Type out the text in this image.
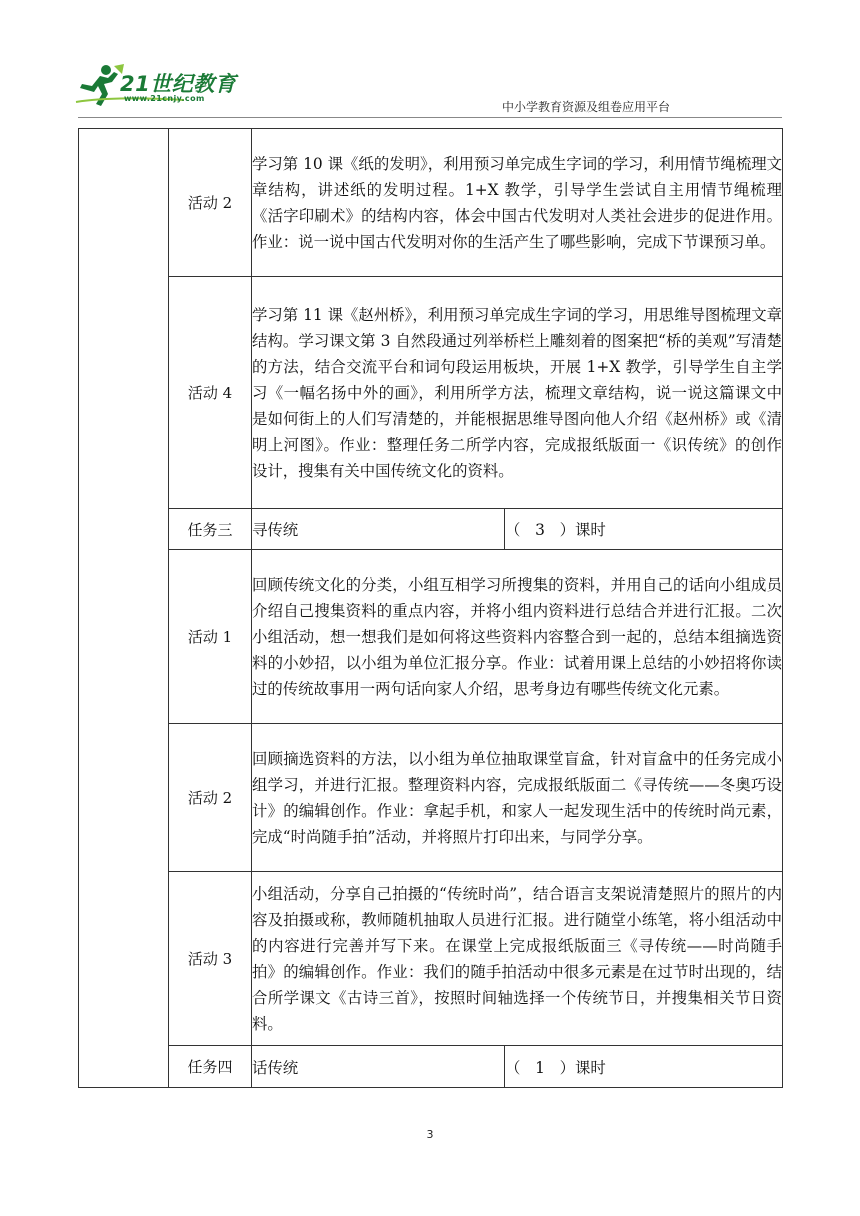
21世纪教育
www.21cnjy.com
中小学教育资源及组卷应用平台
	活动 2	学习第 10 课《纸的发明》，利用预习单完成生字词的学习，利用情节绳梳理文章结构，讲述纸的发明过程。1+X 教学，引导学生尝试自主用情节绳梳理《活字印刷术》的结构内容，体会中国古代发明对人类社会进步的促进作用。作业：说一说中国古代发明对你的生活产生了哪些影响，完成下节课预习单。	
	活动 4	学习第 11 课《赵州桥》，利用预习单完成生字词的学习，用思维导图梳理文章结构。学习课文第 3 自然段通过列举桥栏上雕刻着的图案把“桥的美观”写清楚的方法，结合交流平台和词句段运用板块，开展 1+X 教学，引导学生自主学习《一幅名扬中外的画》，利用所学方法，梳理文章结构，说一说这篇课文中是如何街上的人们写清楚的，并能根据思维导图向他人介绍《赵州桥》或《清明上河图》。作业：整理任务二所学内容，完成报纸版面一《识传统》的创作设计，搜集有关中国传统文化的资料。	
	任务三	寻传统	（ 3 ）课时
	活动 1	回顾传统文化的分类，小组互相学习所搜集的资料，并用自己的话向小组成员介绍自己搜集资料的重点内容，并将小组内资料进行总结合并进行汇报。二次小组活动，想一想我们是如何将这些资料内容整合到一起的，总结本组摘选资料的小妙招，以小组为单位汇报分享。作业：试着用课上总结的小妙招将你读过的传统故事用一两句话向家人介绍，思考身边有哪些传统文化元素。	
	活动 2	回顾摘选资料的方法，以小组为单位抽取课堂盲盒，针对盲盒中的任务完成小组学习，并进行汇报。整理资料内容，完成报纸版面二《寻传统——冬奥巧设计》的编辑创作。作业：拿起手机，和家人一起发现生活中的传统时尚元素，完成“时尚随手拍”活动，并将照片打印出来，与同学分享。	
	活动 3	小组活动，分享自己拍摄的“传统时尚”，结合语言支架说清楚照片的照片的内容及拍摄或称，教师随机抽取人员进行汇报。进行随堂小练笔，将小组活动中的内容进行完善并写下来。在课堂上完成报纸版面三《寻传统——时尚随手拍》的编辑创作。作业：我们的随手拍活动中很多元素是在过节时出现的，结合所学课文《古诗三首》，按照时间轴选择一个传统节日，并搜集相关节日资料。	
	任务四	话传统	（ 1 ）课时
3
